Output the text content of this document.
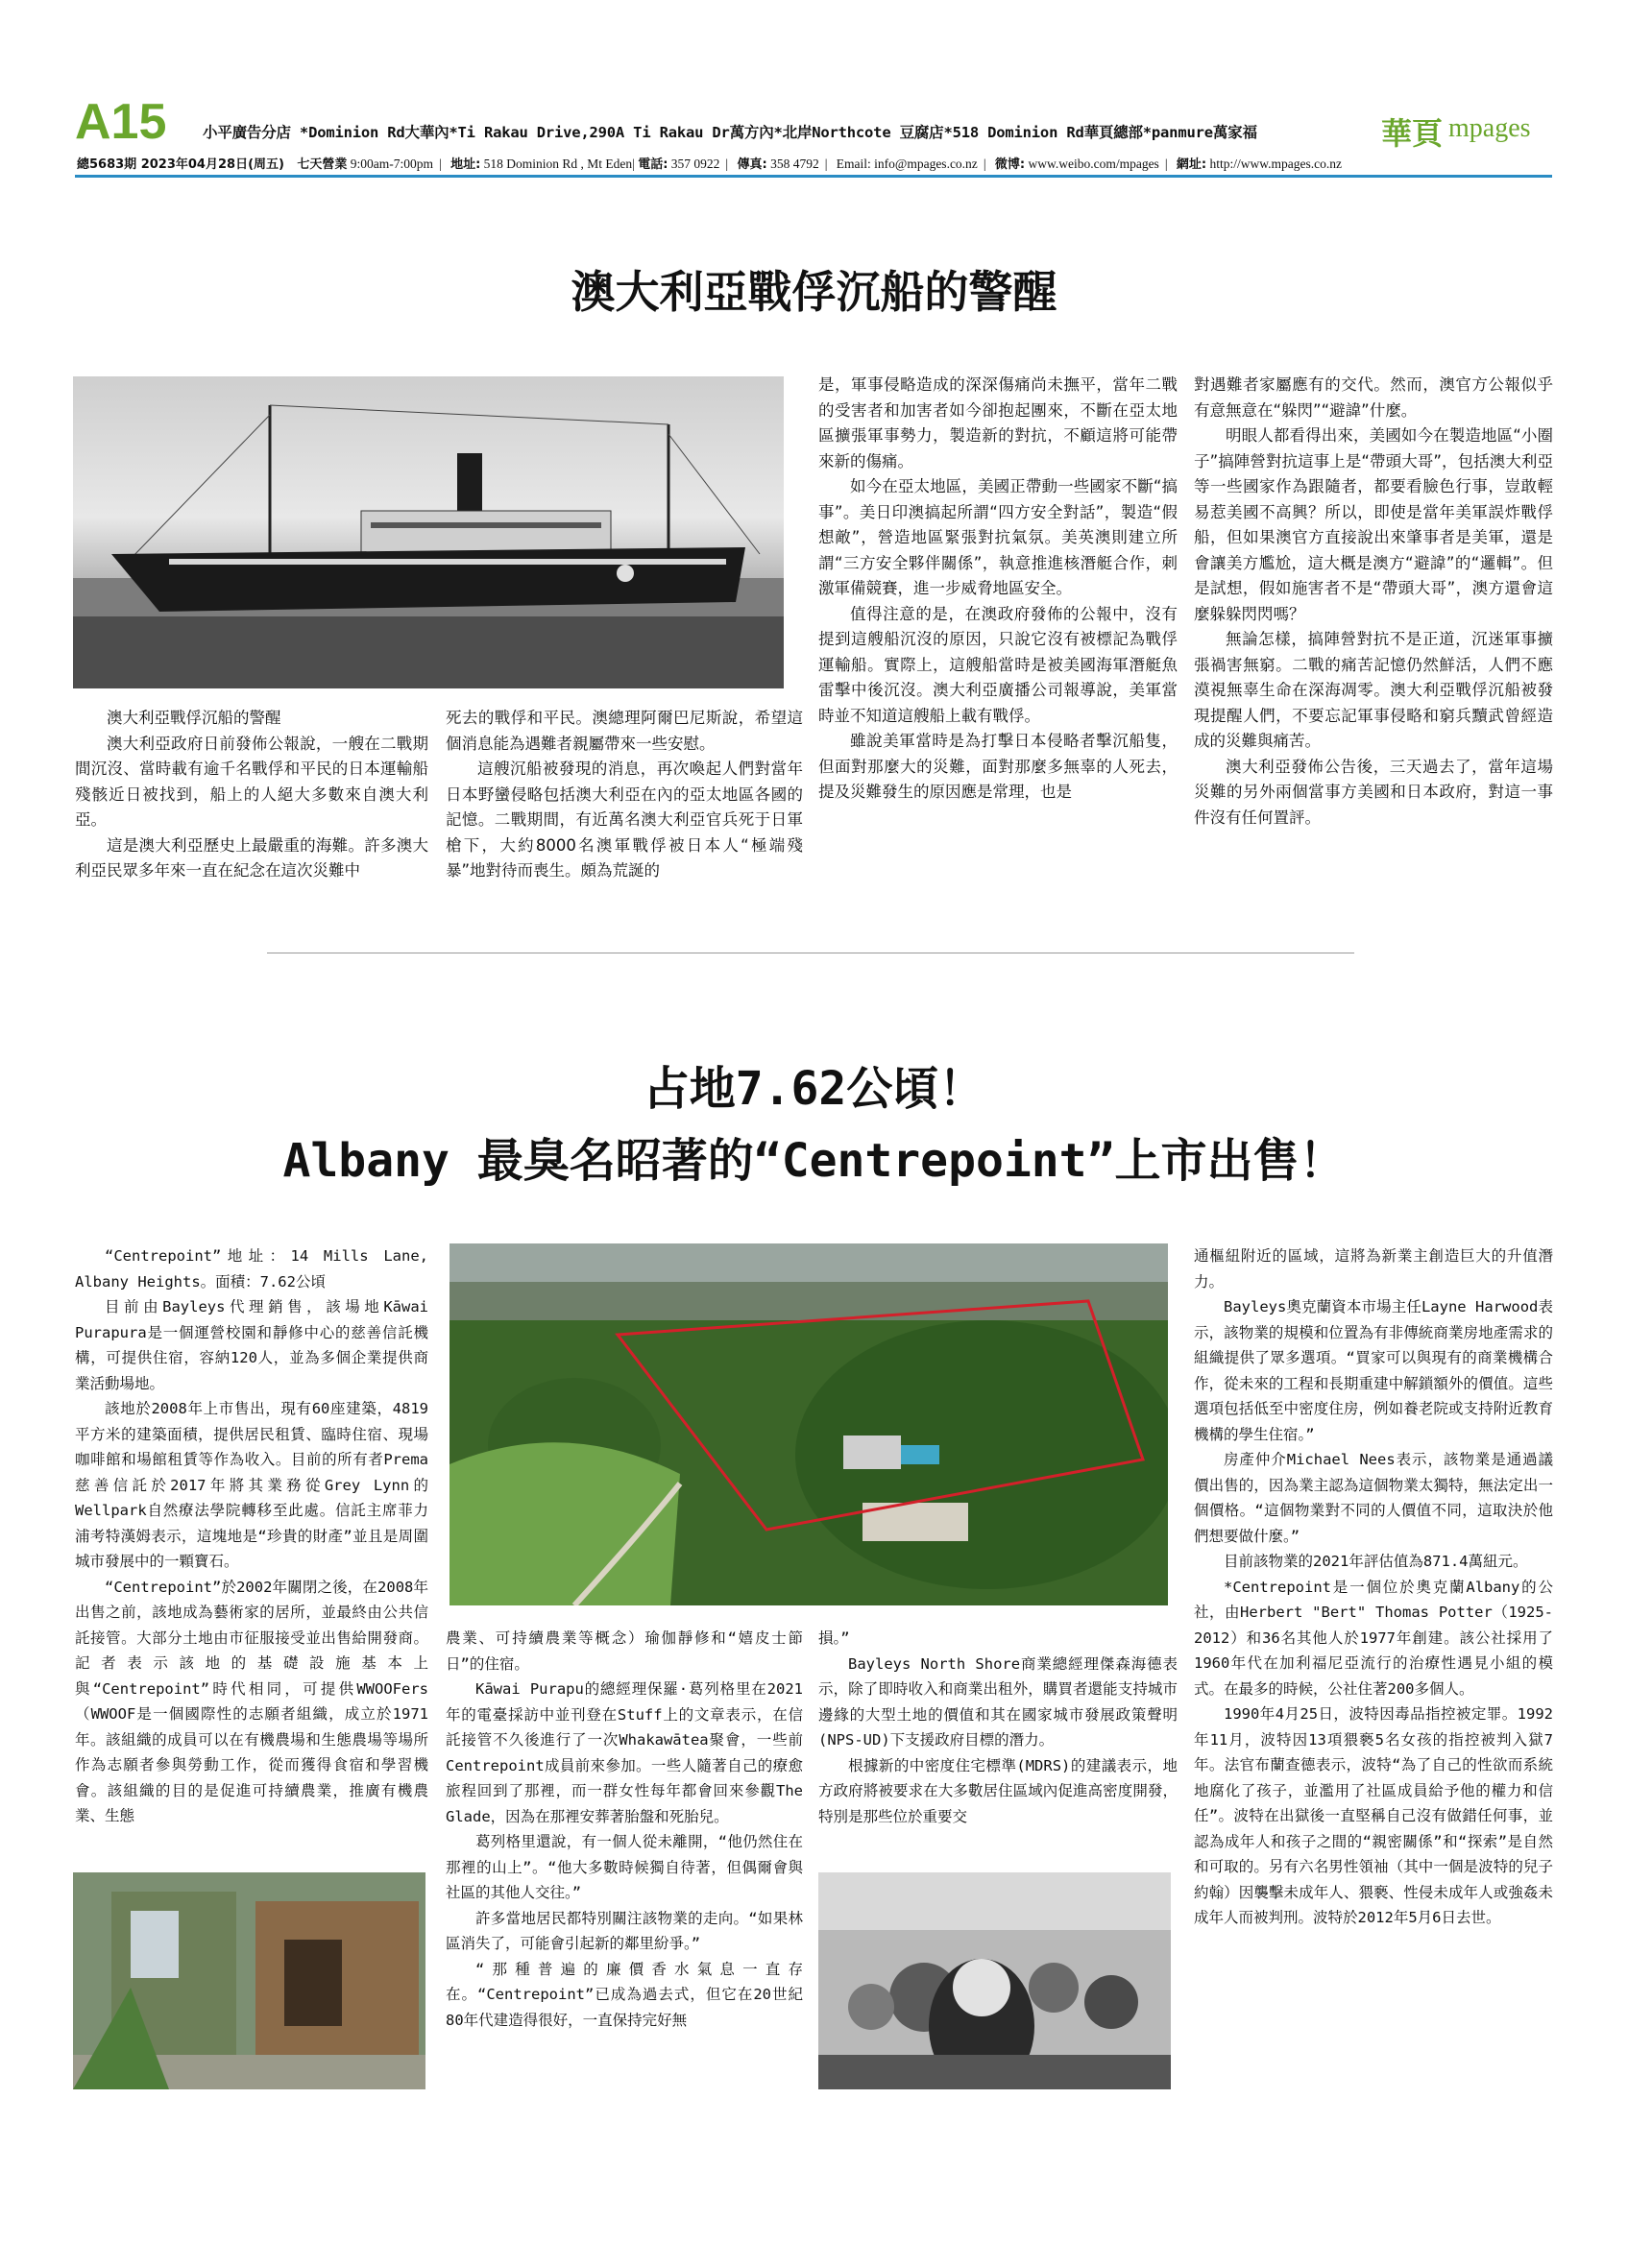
A15 小平廣告分店 *Dominion Rd大華內*Ti Rakau Drive,290A Ti Rakau Dr萬方內*北岸Northcote 豆腐店*518 Dominion Rd華頁總部*panmure萬家福	華頁 mpages
總5683期 2023年04月28日(周五) 七天營業 9:00am-7:00pm | 地址: 518 Dominion Rd , Mt Eden| 電話: 357 0922 | 傳真: 358 4792 | Email: info@mpages.co.nz | 微博: www.weibo.com/mpages | 網址: http://www.mpages.co.nz
澳大利亞戰俘沉船的警醒

澳大利亞戰俘沉船的警醒

澳大利亞政府日前發佈公報說，一艘在二戰期間沉沒、當時載有逾千名戰俘和平民的日本運輸船殘骸近日被找到，船上的人絕大多數來自澳大利亞。

這是澳大利亞歷史上最嚴重的海難。許多澳大利亞民眾多年來一直在紀念在這次災難中

死去的戰俘和平民。澳總理阿爾巴尼斯說，希望這個消息能為遇難者親屬帶來一些安慰。

這艘沉船被發現的消息，再次喚起人們對當年日本野蠻侵略包括澳大利亞在內的亞太地區各國的記憶。二戰期間，有近萬名澳大利亞官兵死于日軍槍下，大約8000名澳軍戰俘被日本人“極端殘暴”地對待而喪生。頗為荒誕的

是，軍事侵略造成的深深傷痛尚未撫平，當年二戰的受害者和加害者如今卻抱起團來，不斷在亞太地區擴張軍事勢力，製造新的對抗，不顧這將可能帶來新的傷痛。

如今在亞太地區，美國正帶動一些國家不斷“搞事”。美日印澳搞起所謂“四方安全對話”，製造“假想敵”，營造地區緊張對抗氣氛。美英澳則建立所謂“三方安全夥伴關係”，執意推進核潛艇合作，刺激軍備競賽，進一步威脅地區安全。

值得注意的是，在澳政府發佈的公報中，沒有提到這艘船沉沒的原因，只說它沒有被標記為戰俘運輸船。實際上，這艘船當時是被美國海軍潛艇魚雷擊中後沉沒。澳大利亞廣播公司報導說，美軍當時並不知道這艘船上載有戰俘。

雖說美軍當時是為打擊日本侵略者擊沉船隻，但面對那麼大的災難，面對那麼多無辜的人死去，提及災難發生的原因應是常理，也是

對遇難者家屬應有的交代。然而，澳官方公報似乎有意無意在“躲閃”“避諱”什麼。

明眼人都看得出來，美國如今在製造地區“小圈子”搞陣營對抗這事上是“帶頭大哥”，包括澳大利亞等一些國家作為跟隨者，都要看臉色行事，豈敢輕易惹美國不高興？所以，即使是當年美軍誤炸戰俘船，但如果澳官方直接說出來肇事者是美軍，還是會讓美方尷尬，這大概是澳方“避諱”的“邏輯”。但是試想，假如施害者不是“帶頭大哥”，澳方還會這麼躲躲閃閃嗎？

無論怎樣，搞陣營對抗不是正道，沉迷軍事擴張禍害無窮。二戰的痛苦記憶仍然鮮活，人們不應漠視無辜生命在深海凋零。澳大利亞戰俘沉船被發現提醒人們，不要忘記軍事侵略和窮兵黷武曾經造成的災難與痛苦。

澳大利亞發佈公告後，三天過去了，當年這場災難的另外兩個當事方美國和日本政府，對這一事件沒有任何置評。

占地7.62公頃！
Albany 最臭名昭著的“Centrepoint”上市出售！

“Centrepoint”地址：14 Mills Lane, Albany Heights。面積：7.62公頃

目前由Bayleys代理銷售，該場地Kāwai Purapura是一個運營校園和靜修中心的慈善信託機構，可提供住宿，容納120人，並為多個企業提供商業活動場地。

該地於2008年上市售出，現有60座建築，4819平方米的建築面積，提供居民租賃、臨時住宿、現場咖啡館和場館租賃等作為收入。目前的所有者Prema慈善信託於2017年將其業務從Grey Lynn的Wellpark自然療法學院轉移至此處。信託主席菲力浦考特漢姆表示，這塊地是“珍貴的財產”並且是周圍城市發展中的一顆寶石。

“Centrepoint”於2002年關閉之後，在2008年出售之前，該地成為藝術家的居所，並最終由公共信託接管。大部分土地由市征服接受並出售給開發商。記者表示該地的基礎設施基本上與“Centrepoint”時代相同，可提供WWOOFers（WWOOF是一個國際性的志願者組織，成立於1971年。該組織的成員可以在有機農場和生態農場等場所作為志願者參與勞動工作，從而獲得食宿和學習機會。該組織的目的是促進可持續農業，推廣有機農業、生態

農業、可持續農業等概念）瑜伽靜修和“嬉皮士節日”的住宿。

Kāwai Purapu的總經理保羅·葛列格里在2021年的電臺採訪中並刊登在Stuff上的文章表示，在信託接管不久後進行了一次Whakawātea聚會，一些前Centrepoint成員前來參加。一些人隨著自己的療愈旅程回到了那裡，而一群女性每年都會回來參觀The Glade，因為在那裡安葬著胎盤和死胎兒。

葛列格里還說，有一個人從未離開，“他仍然住在那裡的山上”。“他大多數時候獨自待著，但偶爾會與社區的其他人交往。”

許多當地居民都特別關注該物業的走向。“如果林區消失了，可能會引起新的鄰里紛爭。”

“那種普遍的廉價香水氣息一直存在。“Centrepoint”已成為過去式，但它在20世紀80年代建造得很好，一直保持完好無

損。”

Bayleys North Shore商業總經理傑森海德表示，除了即時收入和商業出租外，購買者還能支持城市邊緣的大型土地的價值和其在國家城市發展政策聲明(NPS-UD)下支援政府目標的潛力。

根據新的中密度住宅標準(MDRS)的建議表示，地方政府將被要求在大多數居住區域內促進高密度開發，特別是那些位於重要交

通樞紐附近的區域，這將為新業主創造巨大的升值潛力。

Bayleys奧克蘭資本市場主任Layne Harwood表示，該物業的規模和位置為有非傳統商業房地產需求的組織提供了眾多選項。“買家可以與現有的商業機構合作，從未來的工程和長期重建中解鎖額外的價值。這些選項包括低至中密度住房，例如養老院或支持附近教育機構的學生住宿。”

房產仲介Michael Nees表示，該物業是通過議價出售的，因為業主認為這個物業太獨特，無法定出一個價格。“這個物業對不同的人價值不同，這取決於他們想要做什麼。”

目前該物業的2021年評估值為871.4萬紐元。

*Centrepoint是一個位於奧克蘭Albany的公社，由Herbert "Bert" Thomas Potter（1925-2012）和36名其他人於1977年創建。該公社採用了1960年代在加利福尼亞流行的治療性遇見小組的模式。在最多的時候，公社住著200多個人。

1990年4月25日，波特因毒品指控被定罪。1992年11月，波特因13項猥褻5名女孩的指控被判入獄7年。法官布蘭查德表示，波特“為了自己的性欲而系統地腐化了孩子，並濫用了社區成員給予他的權力和信任”。波特在出獄後一直堅稱自己沒有做錯任何事，並認為成年人和孩子之間的“親密關係”和“探索”是自然和可取的。另有六名男性領袖（其中一個是波特的兒子約翰）因襲擊未成年人、猥褻、性侵未成年人或強姦未成年人而被判刑。波特於2012年5月6日去世。
